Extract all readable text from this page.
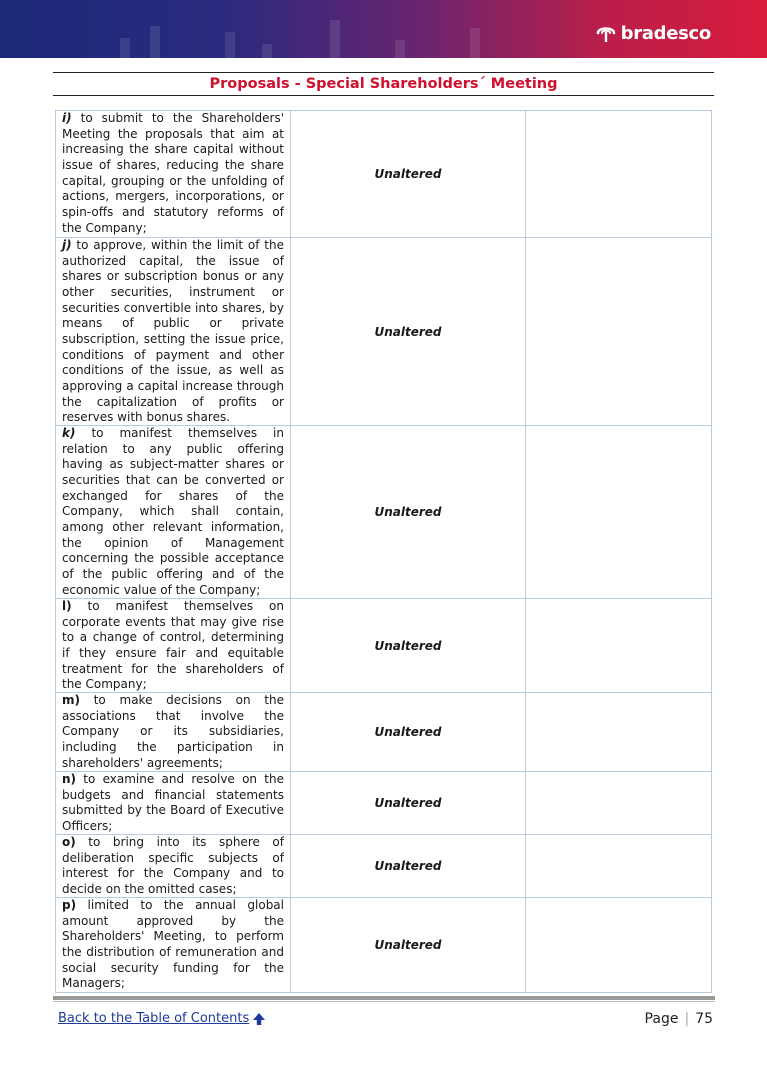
bradesco
Proposals - Special Shareholders´ Meeting
i) to submit to the Shareholders' Meeting the proposals that aim at increasing the share capital without issue of shares, reducing the share capital, grouping or the unfolding of actions, mergers, incorporations, or spin-offs and statutory reforms of the Company;
Unaltered
j) to approve, within the limit of the authorized capital, the issue of shares or subscription bonus or any other securities, instrument or securities convertible into shares, by means of public or private subscription, setting the issue price, conditions of payment and other conditions of the issue, as well as approving a capital increase through the capitalization of profits or reserves with bonus shares.
Unaltered
k) to manifest themselves in relation to any public offering having as subject-matter shares or securities that can be converted or exchanged for shares of the Company, which shall contain, among other relevant information, the opinion of Management concerning the possible acceptance of the public offering and of the economic value of the Company;
Unaltered
l) to manifest themselves on corporate events that may give rise to a change of control, determining if they ensure fair and equitable treatment for the shareholders of the Company;
Unaltered
m) to make decisions on the associations that involve the Company or its subsidiaries, including the participation in shareholders' agreements;
Unaltered
n) to examine and resolve on the budgets and financial statements submitted by the Board of Executive Officers;
Unaltered
o) to bring into its sphere of deliberation specific subjects of interest for the Company and to decide on the omitted cases;
Unaltered
p) limited to the annual global amount approved by the Shareholders' Meeting, to perform the distribution of remuneration and social security funding for the Managers;
Unaltered
Back to the Table of Contents	Page | 75
